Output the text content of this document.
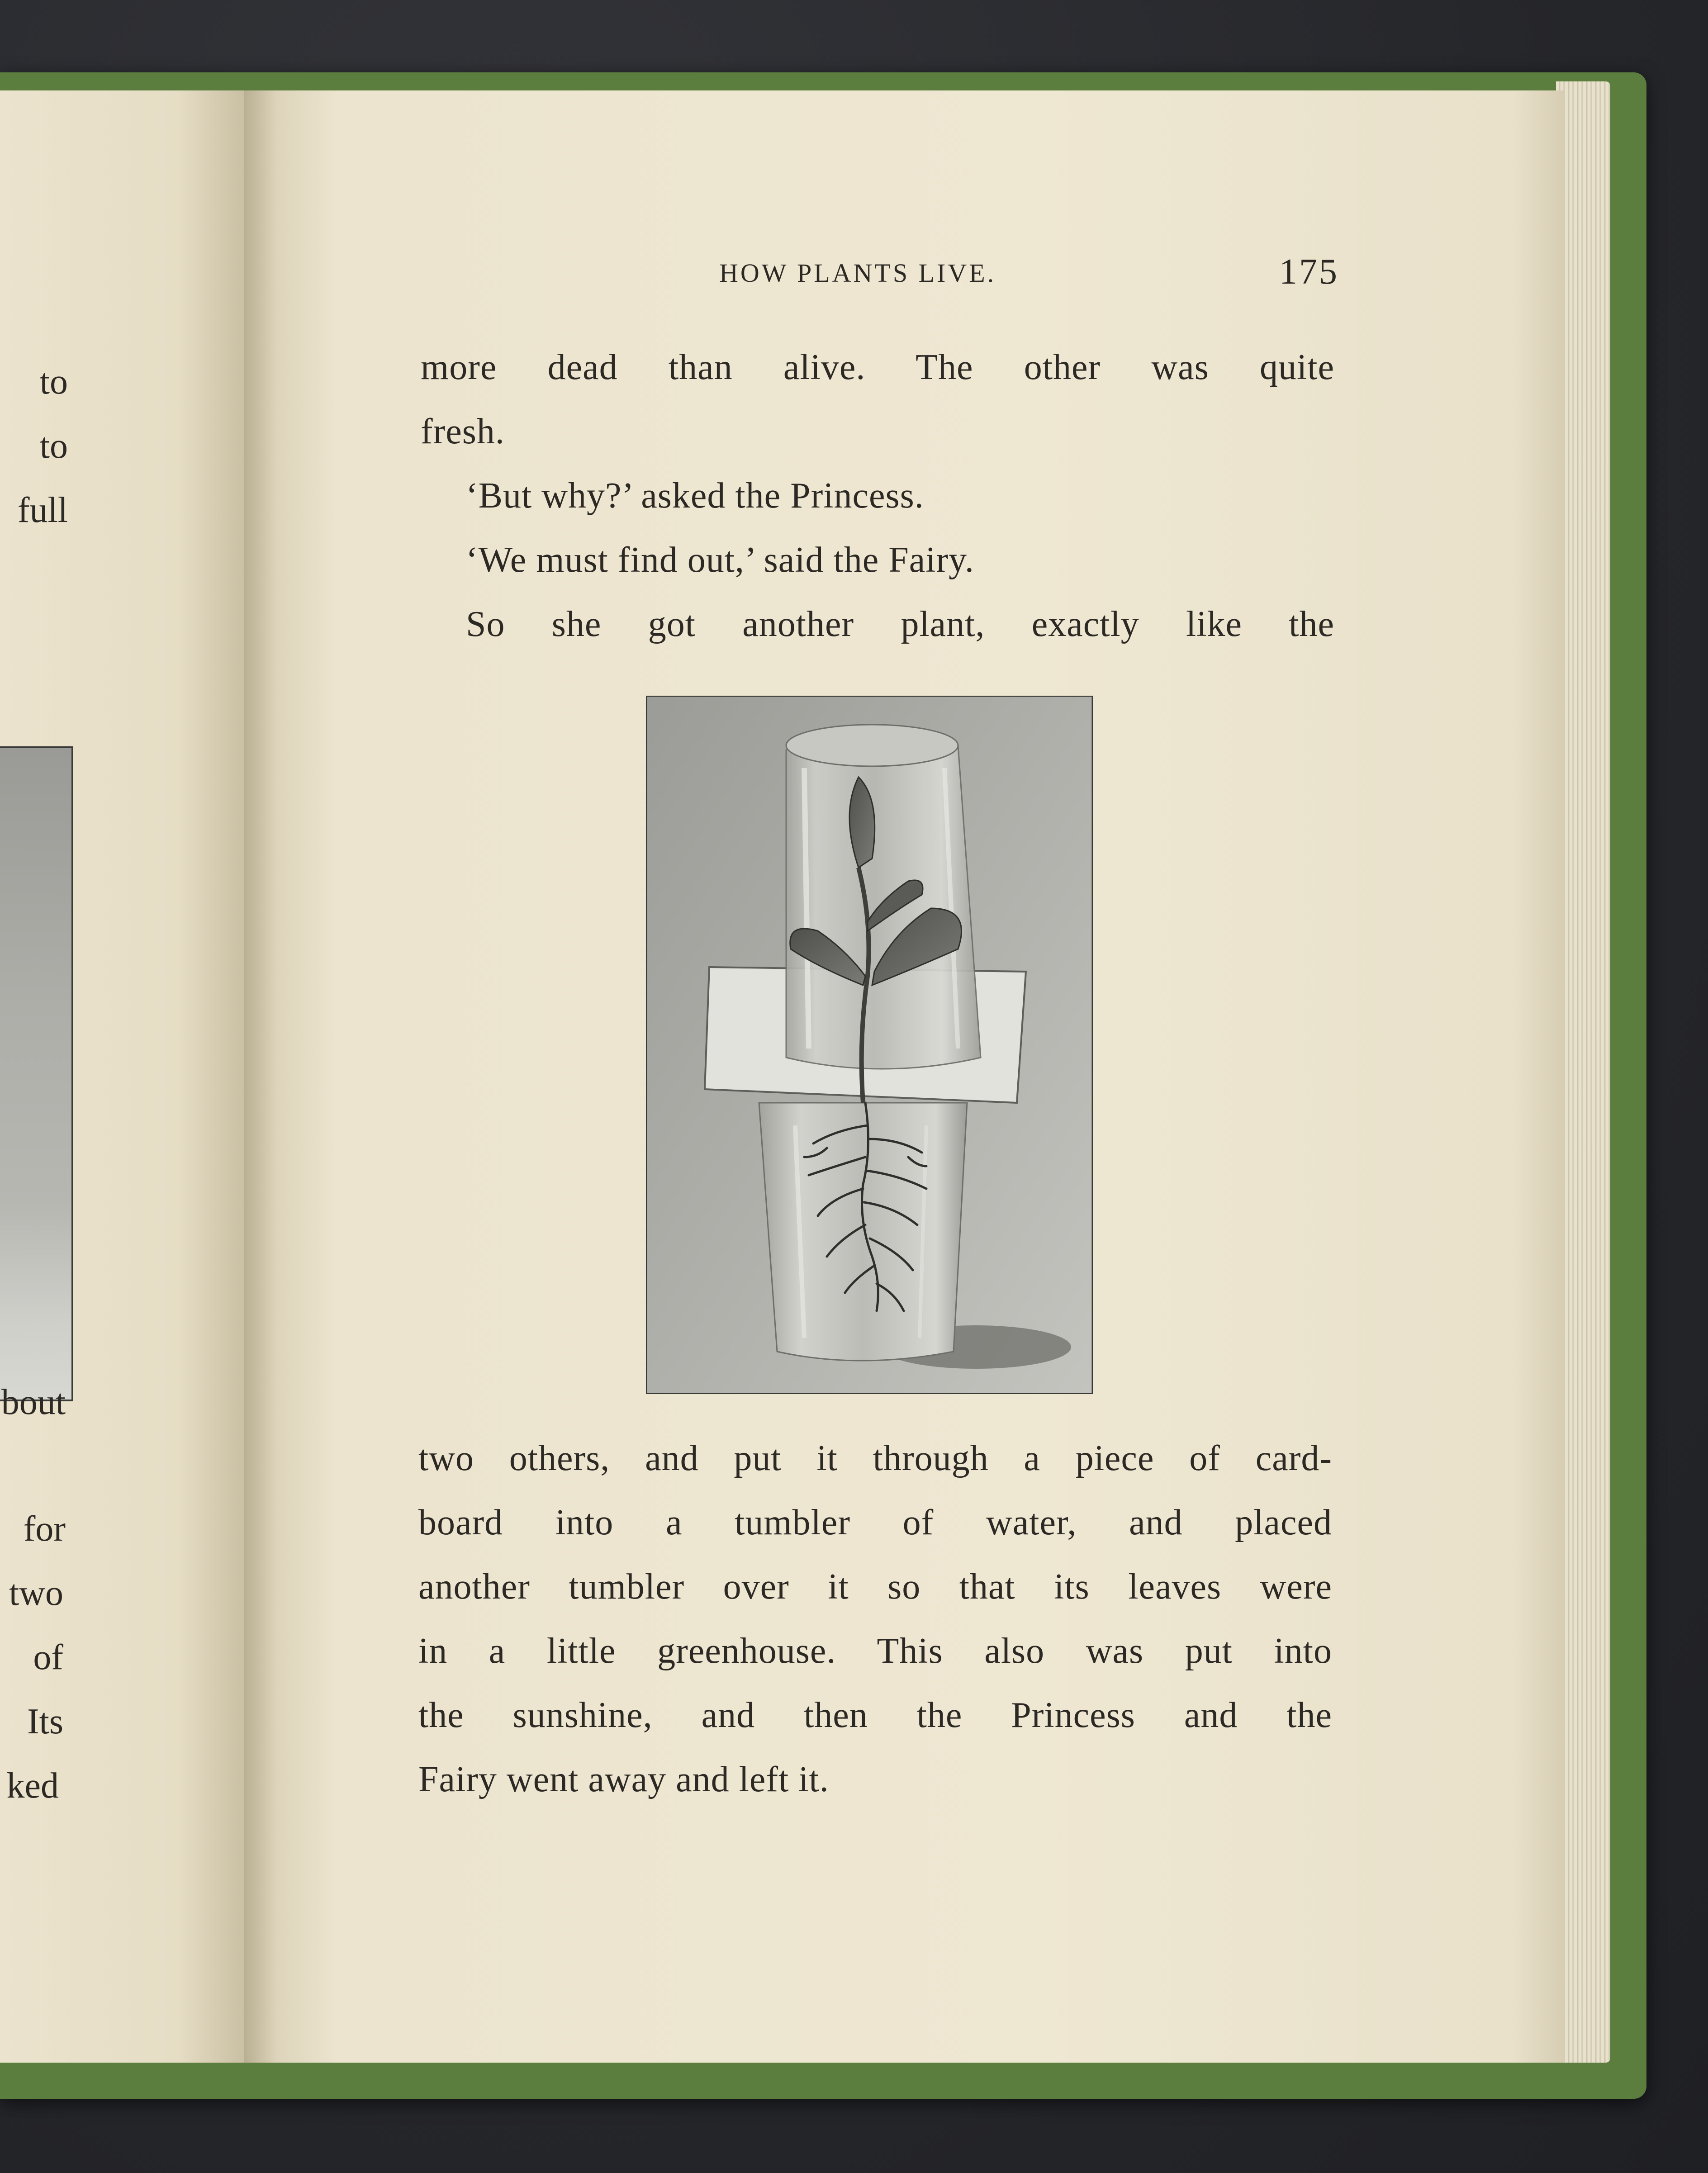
to
to
full
bout
for
two
of
Its
ked
HOW PLANTS LIVE.	175
more dead than alive. The other was quite
fresh.
‘But why?’ asked the Princess.
‘We must find out,’ said the Fairy.
So she got another plant, exactly like the
two others, and put it through a piece of card-
board into a tumbler of water, and placed
another tumbler over it so that its leaves were
in a little greenhouse. This also was put into
the sunshine, and then the Princess and the
Fairy went away and left it.
